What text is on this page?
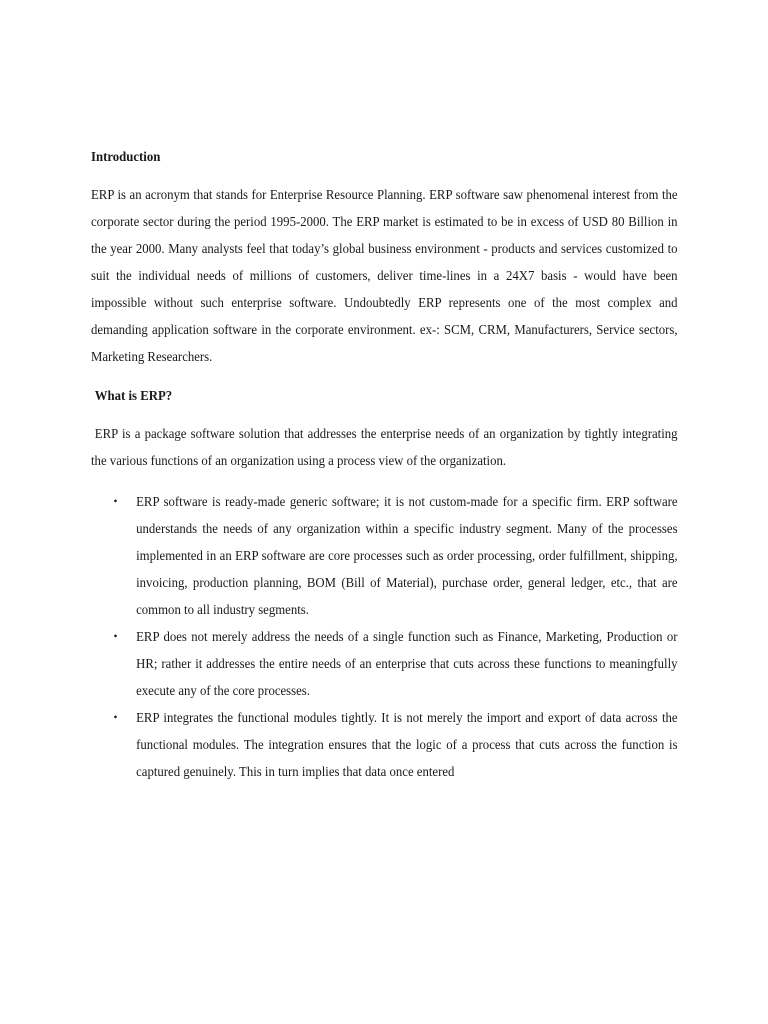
Introduction

ERP is an acronym that stands for Enterprise Resource Planning. ERP software saw phenomenal interest from the corporate sector during the period 1995-2000. The ERP market is estimated to be in excess of USD 80 Billion in the year 2000. Many analysts feel that today’s global business environment - products and services customized to suit the individual needs of millions of customers, deliver time-lines in a 24X7 basis - would have been impossible without such enterprise software. Undoubtedly ERP represents one of the most complex and demanding application software in the corporate environment. ex-: SCM, CRM, Manufacturers, Service sectors, Marketing Researchers.

What is ERP?

ERP is a package software solution that addresses the enterprise needs of an organization by tightly integrating the various functions of an organization using a process view of the organization.

• ERP software is ready-made generic software; it is not custom-made for a specific firm. ERP software understands the needs of any organization within a specific industry segment. Many of the processes implemented in an ERP software are core processes such as order processing, order fulfillment, shipping, invoicing, production planning, BOM (Bill of Material), purchase order, general ledger, etc., that are common to all industry segments.
• ERP does not merely address the needs of a single function such as Finance, Marketing, Production or HR; rather it addresses the entire needs of an enterprise that cuts across these functions to meaningfully execute any of the core processes.
• ERP integrates the functional modules tightly. It is not merely the import and export of data across the functional modules. The integration ensures that the logic of a process that cuts across the function is captured genuinely. This in turn implies that data once entered
